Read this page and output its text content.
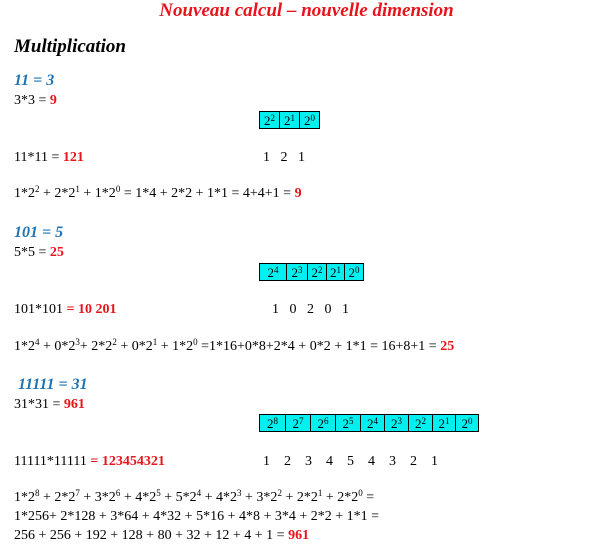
Nouveau calcul – nouvelle dimension
Multiplication
11 = 3
3*3 = 9
$2^2$ $2^1$ $2^0$
11*11 = 121	1   2   1
$1*2^2 + 2*2^1 + 1*2^0 = 1*4 + 2*2 + 1*1 = 4+4+1 = 9$
101 = 5
5*5 = 25
$2^4$	$2^3$ $2^2$ $2^1$ $2^0$
101*101 = 10 201	1   0   2   0   1
$1*2^4 + 0*2^3+ 2*2^2 + 0*2^1 + 1*2^0 =1*16+0*8+2*4 + 0*2 + 1*1 = 16+8+1 = 25$
11111 = 31
31*31 = 961
$2^8$	$2^7$	$2^6$	$2^5$	$2^4$	$2^3$	$2^2$ $2^1$ $2^0$
11111*11111 = 123454321	1    2    3    4    5    4    3    2    1
$1*2^8 + 2*2^7 + 3*2^6 + 4*2^5 + 5*2^4 + 4*2^3 + 3*2^2 + 2*2^1 + 2*2^0$ =
1*256+ 2*128 + 3*64 + 4*32 + 5*16 + 4*8 + 3*4 + 2*2 + 1*1 =
256 + 256 + 192 + 128 + 80 + 32 + 12 + 4 + 1 = 961
